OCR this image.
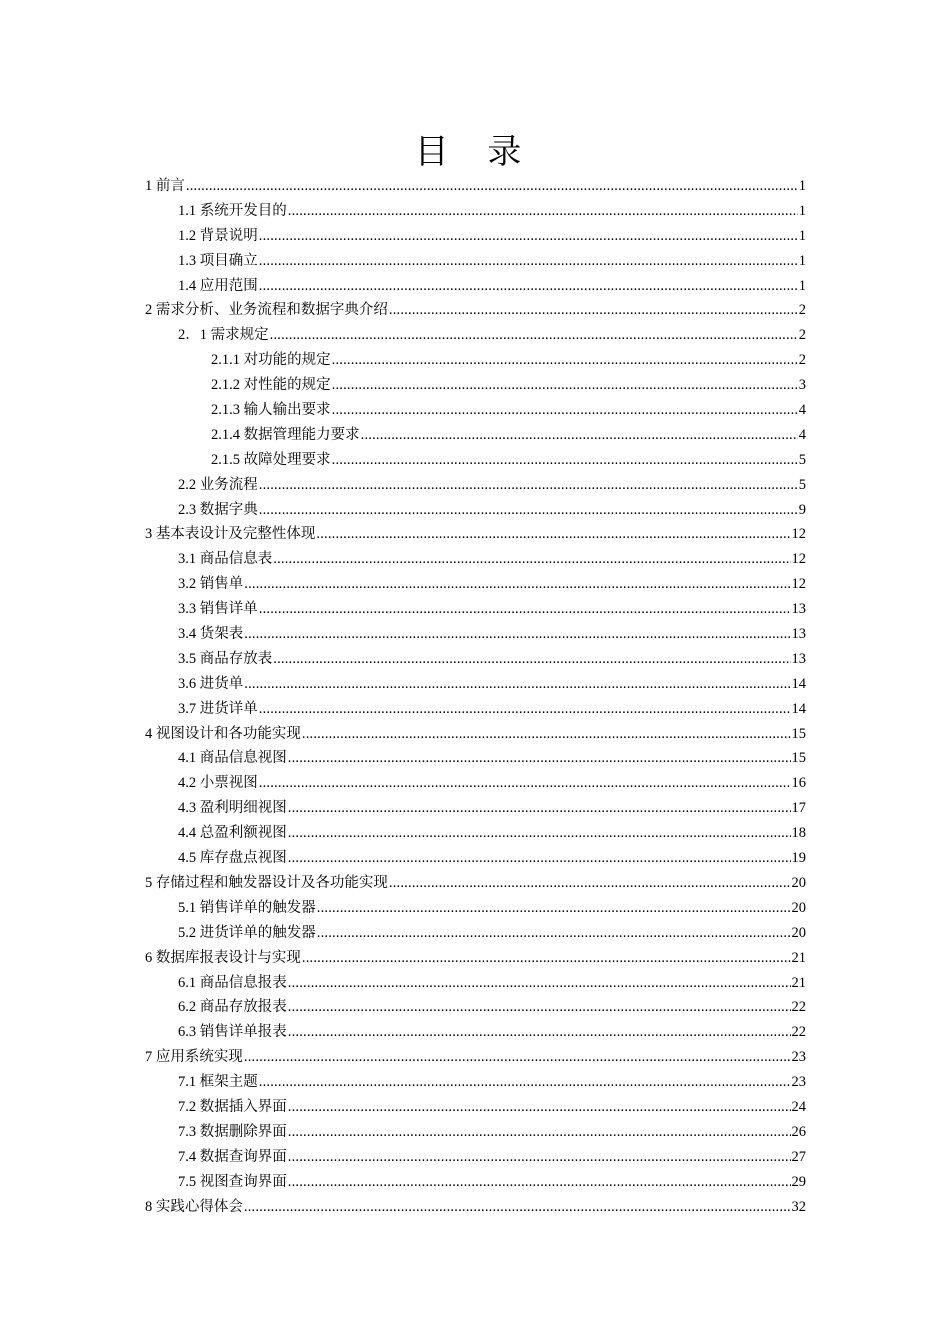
目 录
1 前言 .....	1
1.1 系统开发目的 .....	1
1.2 背景说明 .....	1
1.3 项目确立 .....	1
1.4 应用范围 .....	1
2 需求分析、业务流程和数据字典介绍 .....	2
2．1 需求规定 .....	2
2.1.1 对功能的规定 .....	2
2.1.2 对性能的规定 .....	3
2.1.3 输人输出要求 .....	4
2.1.4 数据管理能力要求 .....	4
2.1.5 故障处理要求 .....	5
2.2 业务流程 .....	5
2.3 数据字典 .....	9
3 基本表设计及完整性体现 .....	12
3.1 商品信息表 .....	12
3.2 销售单 .....	12
3.3 销售详单 .....	13
3.4 货架表 .....	13
3.5 商品存放表 .....	13
3.6 进货单 .....	14
3.7 进货详单 .....	14
4 视图设计和各功能实现 .....	15
4.1 商品信息视图 .....	15
4.2 小票视图 .....	16
4.3 盈利明细视图 .....	17
4.4 总盈利额视图 .....	18
4.5 库存盘点视图 .....	19
5 存储过程和触发器设计及各功能实现 .....	20
5.1 销售详单的触发器 .....	20
5.2 进货详单的触发器 .....	20
6 数据库报表设计与实现 .....	21
6.1 商品信息报表 .....	21
6.2 商品存放报表 .....	22
6.3 销售详单报表 .....	22
7 应用系统实现 .....	23
7.1 框架主题 .....	23
7.2 数据插入界面 .....	24
7.3 数据删除界面 .....	26
7.4 数据查询界面 .....	27
7.5 视图查询界面 .....	29
8 实践心得体会 .....	32
